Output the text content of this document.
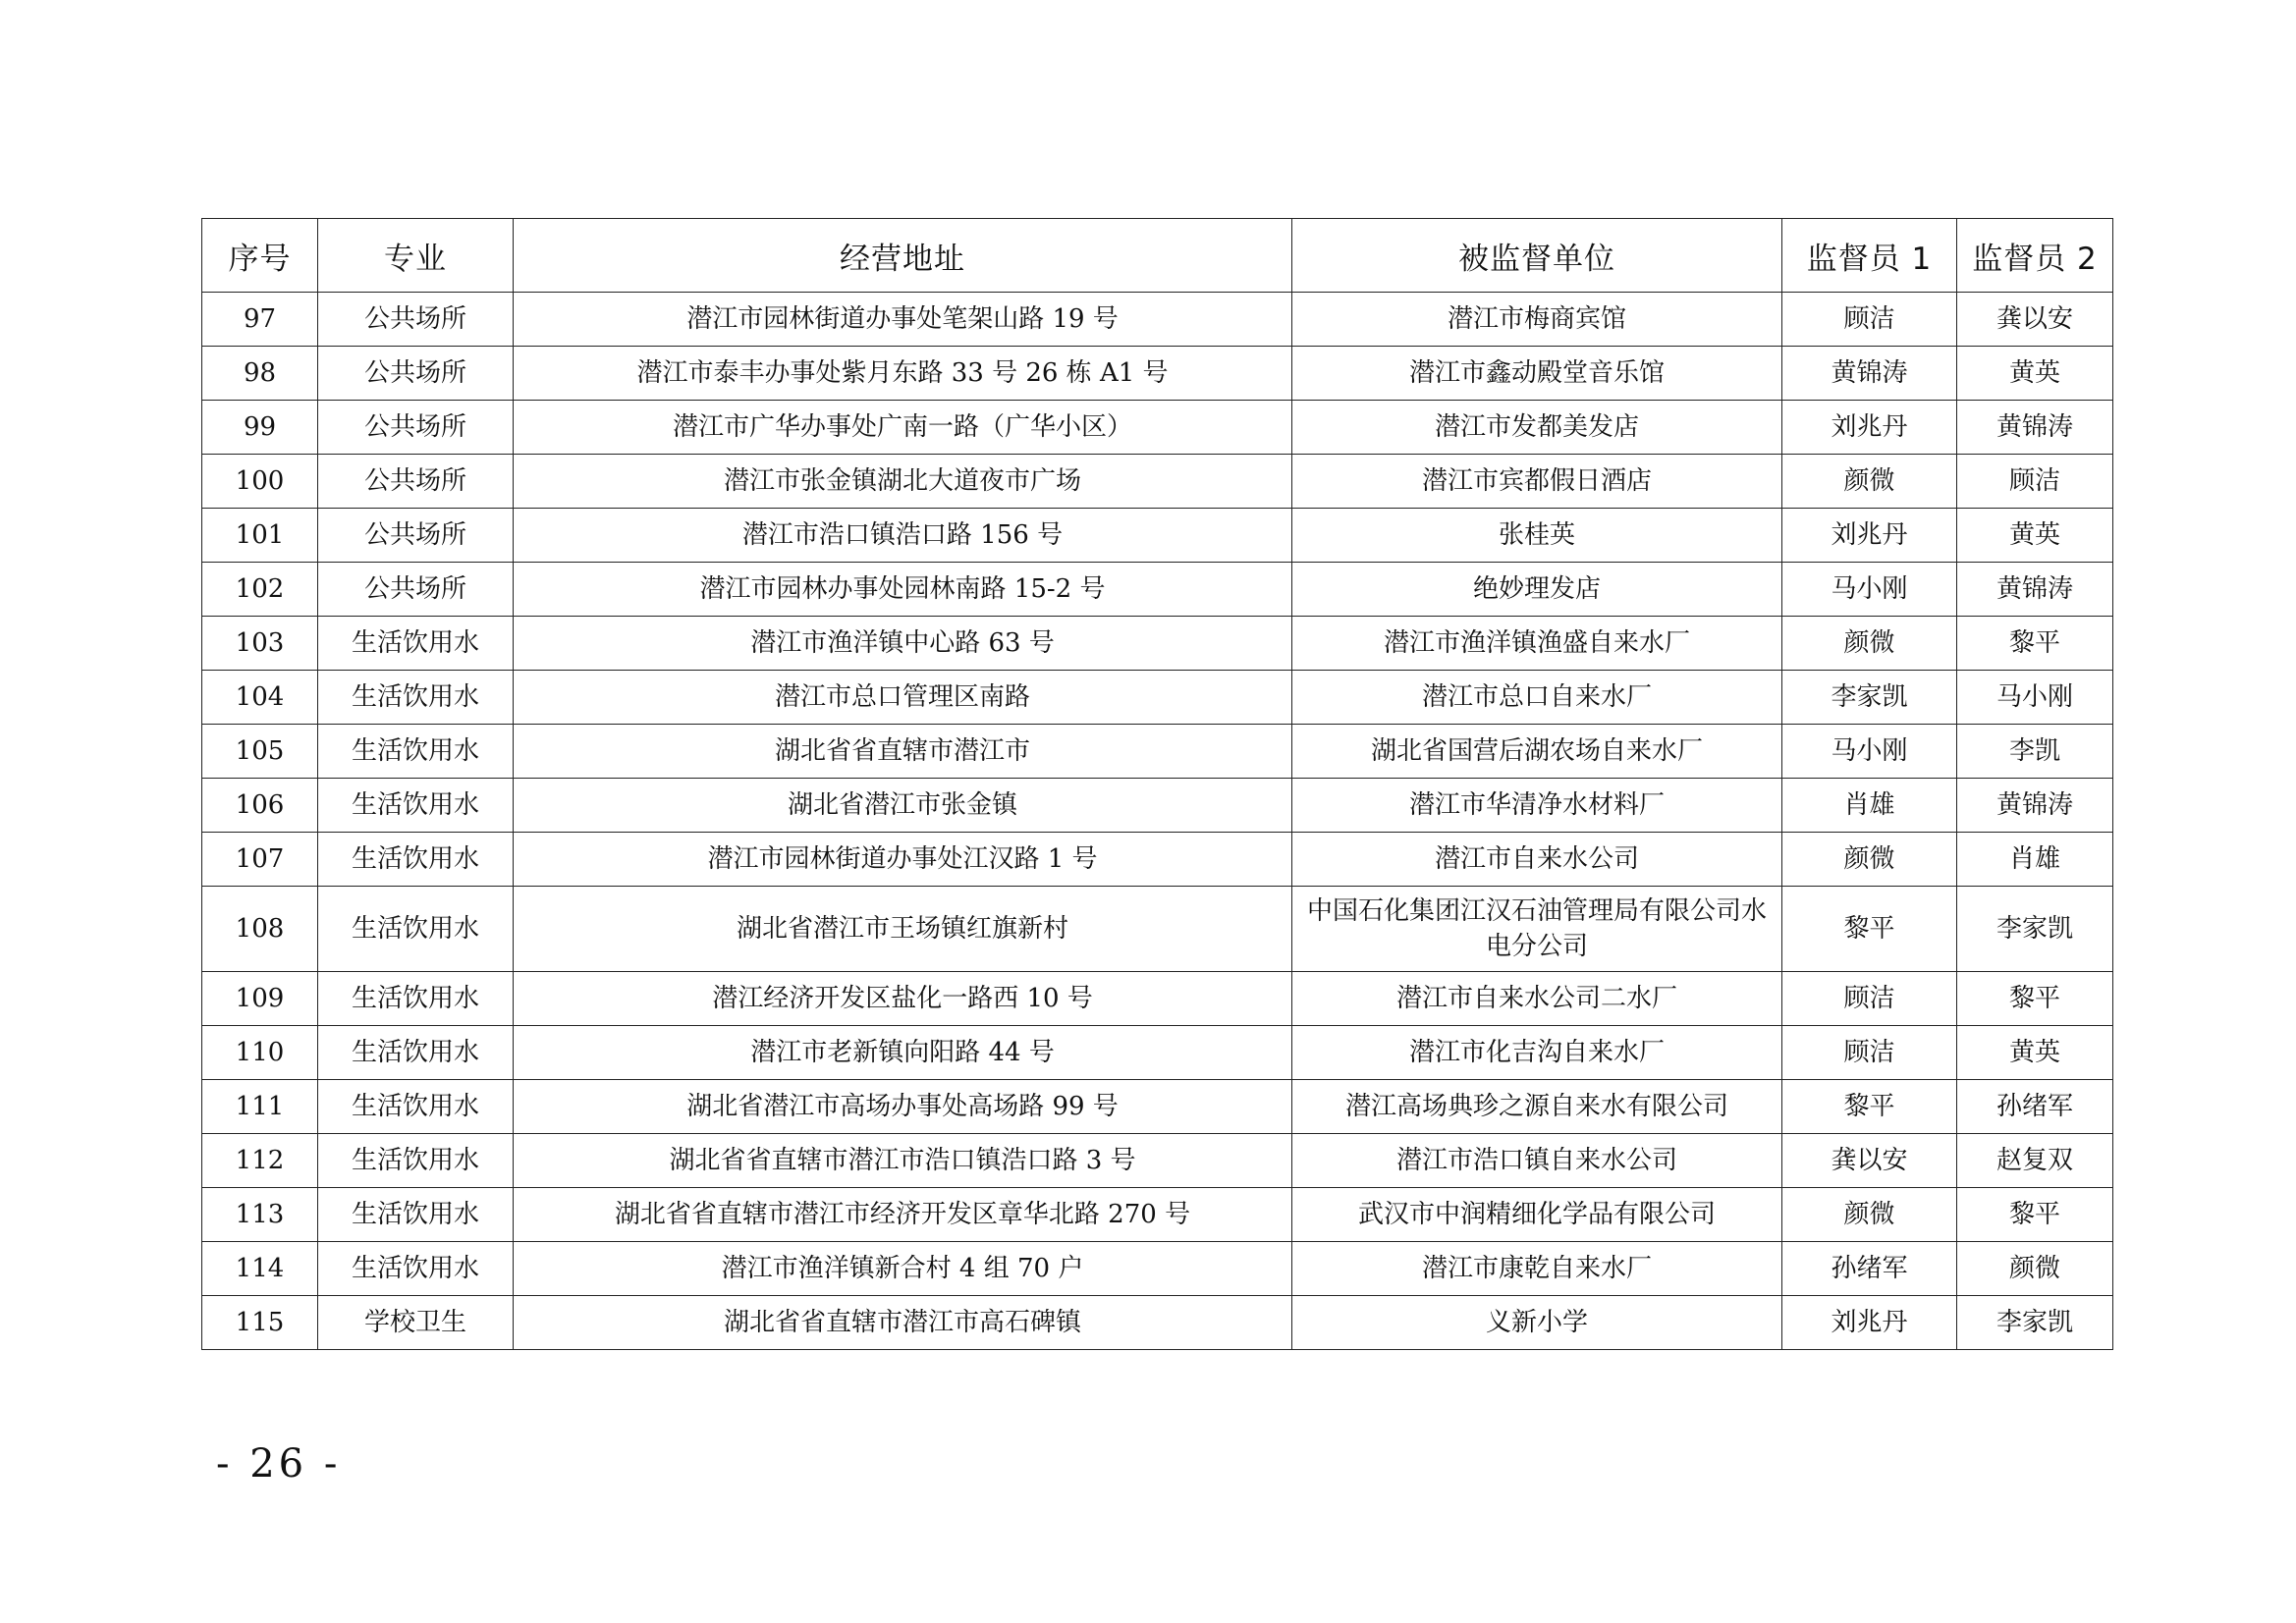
序号	专业	经营地址	被监督单位	监督员 1	监督员 2
97	公共场所	潜江市园林街道办事处笔架山路 19 号	潜江市梅商宾馆	顾洁	龚以安
98	公共场所	潜江市泰丰办事处紫月东路 33 号 26 栋 A1 号	潜江市鑫动殿堂音乐馆	黄锦涛	黄英
99	公共场所	潜江市广华办事处广南一路（广华小区）	潜江市发都美发店	刘兆丹	黄锦涛
100	公共场所	潜江市张金镇湖北大道夜市广场	潜江市宾都假日酒店	颜微	顾洁
101	公共场所	潜江市浩口镇浩口路 156 号	张桂英	刘兆丹	黄英
102	公共场所	潜江市园林办事处园林南路 15-2 号	绝妙理发店	马小刚	黄锦涛
103	生活饮用水	潜江市渔洋镇中心路 63 号	潜江市渔洋镇渔盛自来水厂	颜微	黎平
104	生活饮用水	潜江市总口管理区南路	潜江市总口自来水厂	李家凯	马小刚
105	生活饮用水	湖北省省直辖市潜江市	湖北省国营后湖农场自来水厂	马小刚	李凯
106	生活饮用水	湖北省潜江市张金镇	潜江市华清净水材料厂	肖雄	黄锦涛
107	生活饮用水	潜江市园林街道办事处江汉路 1 号	潜江市自来水公司	颜微	肖雄
108	生活饮用水	湖北省潜江市王场镇红旗新村	中国石化集团江汉石油管理局有限公司水电分公司	黎平	李家凯
109	生活饮用水	潜江经济开发区盐化一路西 10 号	潜江市自来水公司二水厂	顾洁	黎平
110	生活饮用水	潜江市老新镇向阳路 44 号	潜江市化吉沟自来水厂	顾洁	黄英
111	生活饮用水	湖北省潜江市高场办事处高场路 99 号	潜江高场典珍之源自来水有限公司	黎平	孙绪军
112	生活饮用水	湖北省省直辖市潜江市浩口镇浩口路 3 号	潜江市浩口镇自来水公司	龚以安	赵复双
113	生活饮用水	湖北省省直辖市潜江市经济开发区章华北路 270 号	武汉市中润精细化学品有限公司	颜微	黎平
114	生活饮用水	潜江市渔洋镇新合村 4 组 70 户	潜江市康乾自来水厂	孙绪军	颜微
115	学校卫生	湖北省省直辖市潜江市高石碑镇	义新小学	刘兆丹	李家凯
- 26 -
